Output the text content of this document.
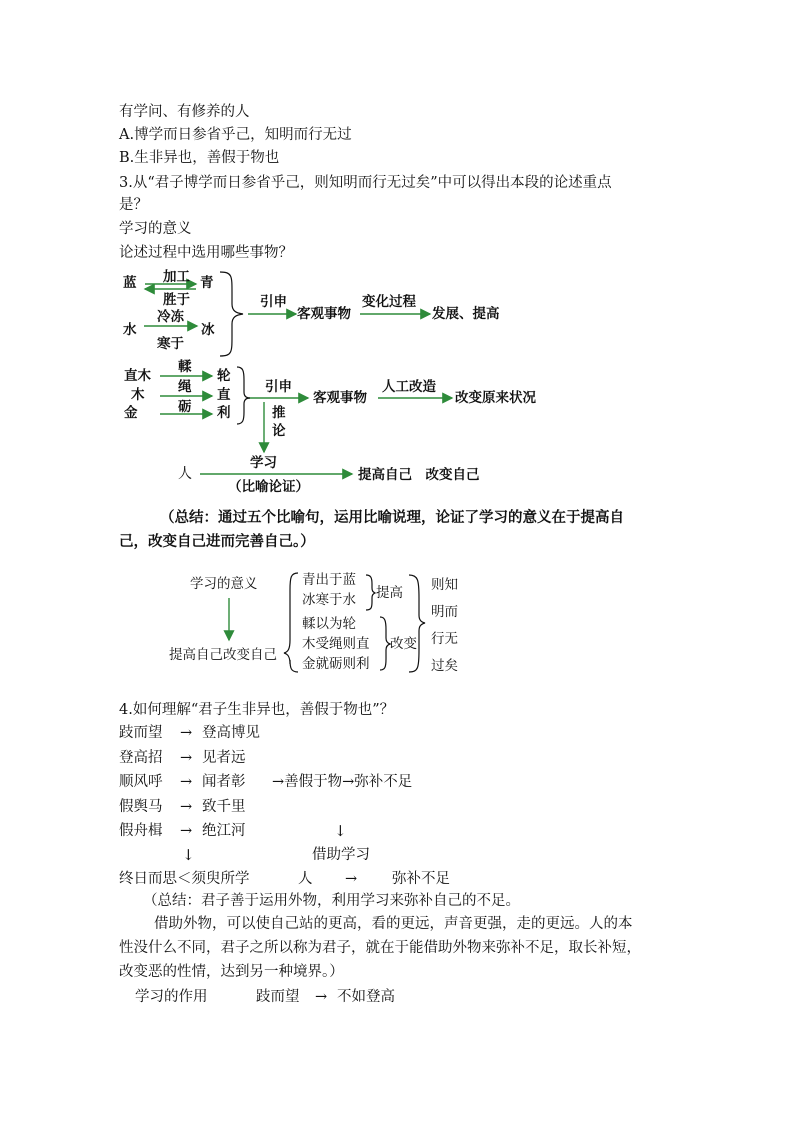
有学问、有修养的人
A.博学而日参省乎己，知明而行无过
B.生非异也，善假于物也
3.从“君子博学而日参省乎己，则知明而行无过矣”中可以得出本段的论述重点
是？
学习的意义
论述过程中选用哪些事物？
蓝 加工 青
胜于
水
冷冻
冰
寒于
引申
客观事物
变化过程
发展、提高
直木
木
金
輮
绳
砺
轮
直
利
引申
客观事物
人工改造
改变原来状况
推
论
人
学习
提高自己　改变自己
（比喻论证）
（总结：通过五个比喻句，运用比喻说理，论证了学习的意义在于提高自
己，改变自己进而完善自己。）
学习的意义
提高自己改变自己
青出于蓝
冰寒于水 提高
輮以为轮
木受绳则直
金就砺则利
改变
则知
明而
行无
过矣
4.如何理解“君子生非异也，善假于物也”？
跂而望 → 登高博见
登高招 → 见者远
顺风呼 → 闻者彰 →善假于物→弥补不足
假舆马 → 致千里
假舟楫 → 绝江河	↓
↓	借助学习
终日而思＜须臾所学	人 → 弥补不足
（总结：君子善于运用外物，利用学习来弥补自己的不足。
借助外物，可以使自己站的更高，看的更远，声音更强，走的更远。人的本
性没什么不同，君子之所以称为君子，就在于能借助外物来弥补不足，取长补短，
改变恶的性情，达到另一种境界。）
学习的作用	跂而望 → 不如登高
